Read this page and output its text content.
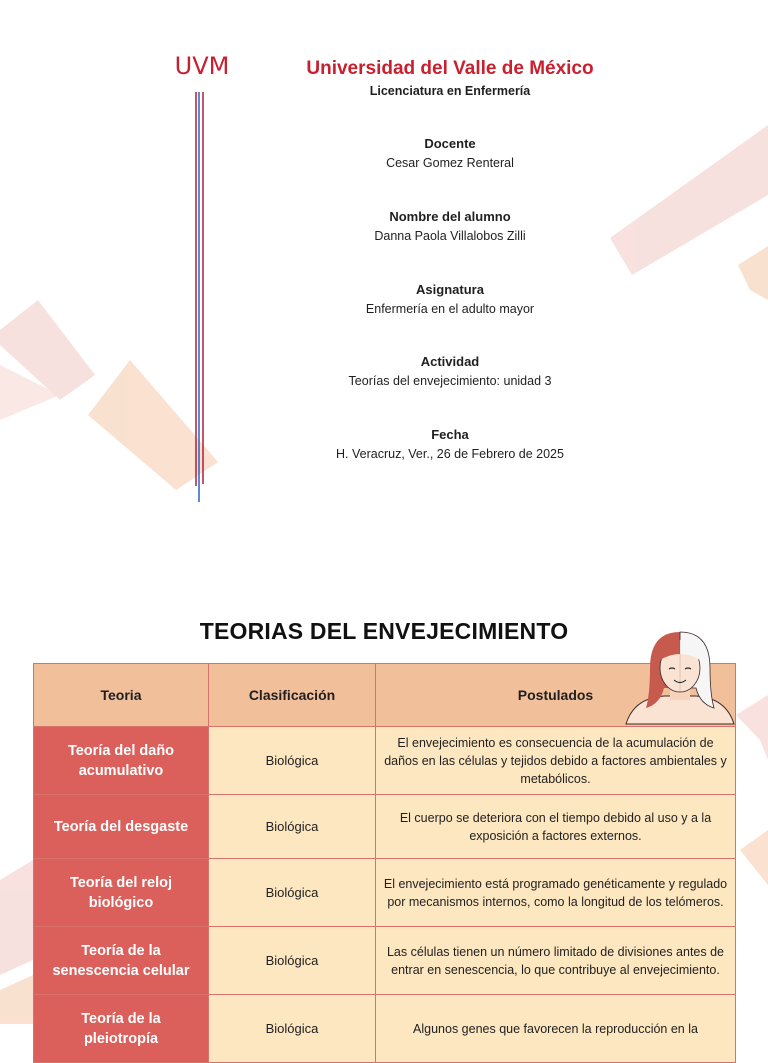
UVM	Universidad del Valle de México

Licenciatura en Enfermería

Docente
Cesar Gomez Renteral
Nombre del alumno
Danna Paola Villalobos Zilli
Asignatura
Enfermería en el adulto mayor
Actividad
Teorías del envejecimiento: unidad 3
Fecha
H. Veracruz, Ver., 26 de Febrero de 2025
TEORIAS DEL ENVEJECIMIENTO
Teoria	Clasificación	Postulados
Teoría del daño acumulativo	Biológica	El envejecimiento es consecuencia de la acumulación de daños en las células y tejidos debido a factores ambientales y metabólicos.
Teoría del desgaste	Biológica	El cuerpo se deteriora con el tiempo debido al uso y a la exposición a factores externos.
Teoría del reloj biológico	Biológica	El envejecimiento está programado genéticamente y regulado por mecanismos internos, como la longitud de los telómeros.
Teoría de la senescencia celular	Biológica	Las células tienen un número limitado de divisiones antes de entrar en senescencia, lo que contribuye al envejecimiento.
Teoría de la pleiotropía	Biológica	Algunos genes que favorecen la reproducción en la
